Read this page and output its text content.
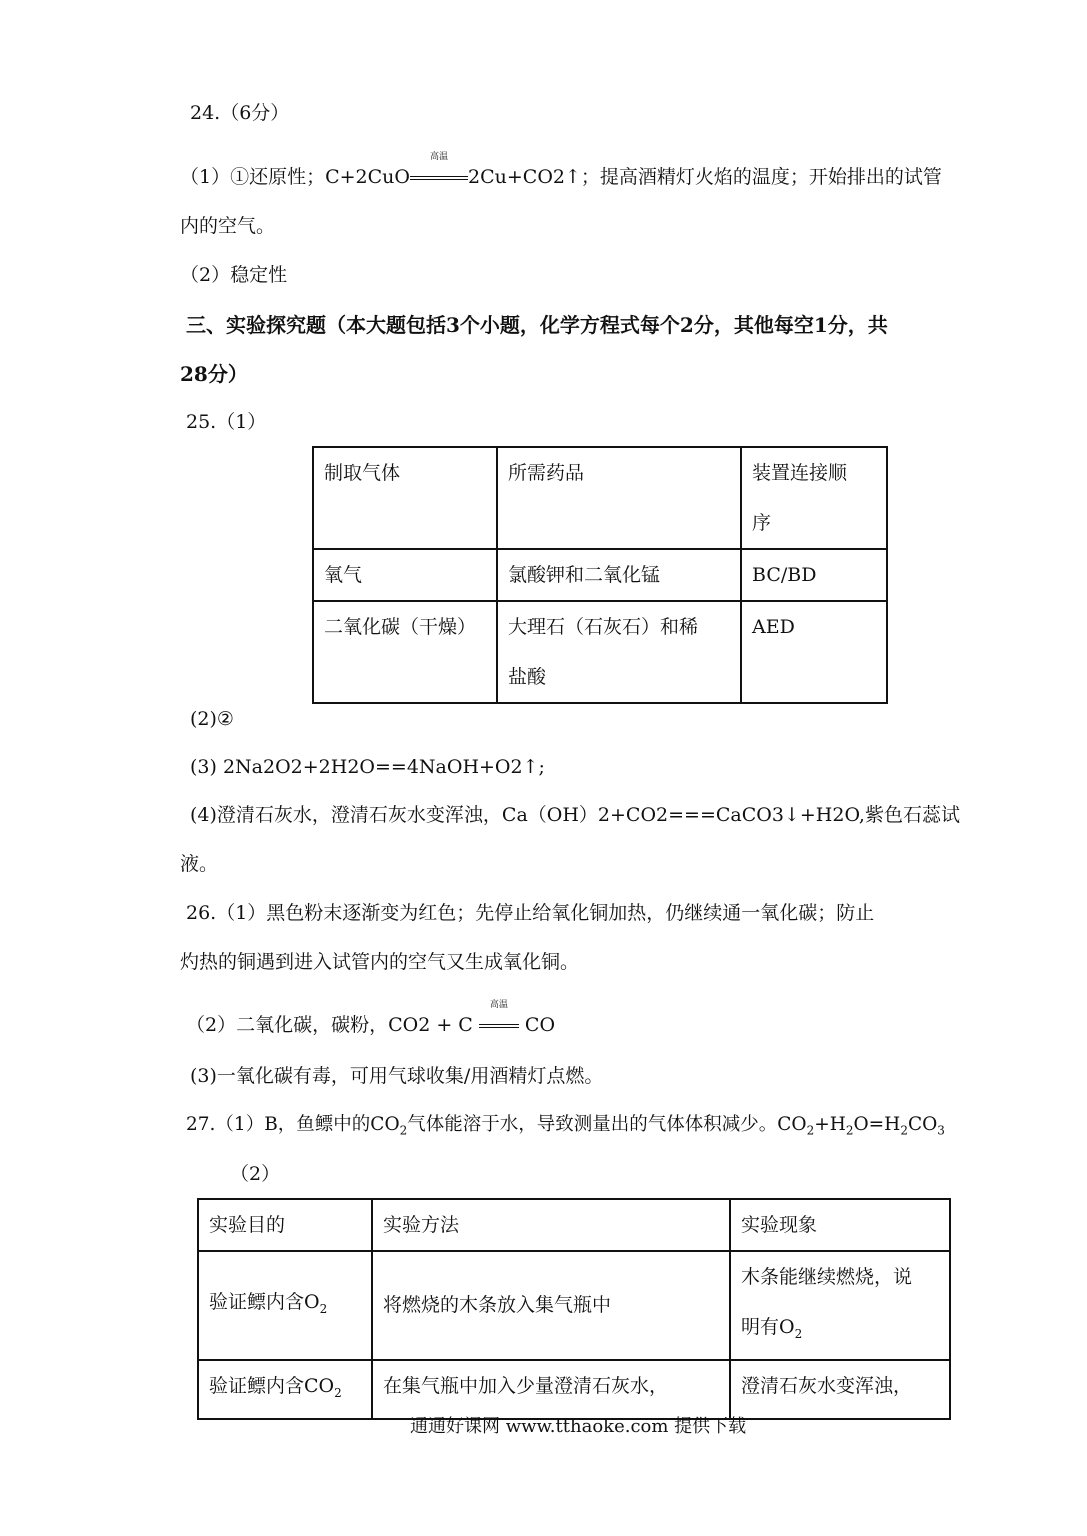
24.（6分）
（1）①还原性；C+2CuO
高温
2Cu+CO2↑；提高酒精灯火焰的温度；开始排出的试管
内的空气。
（2）稳定性
三、实验探究题（本大题包括3个小题，化学方程式每个2分，其他每空1分，共
28分）
25.（1）
制取气体	所需药品	装置连接顺
序

氧气	氯酸钾和二氧化锰	BC/BD

二氧化碳（干燥）	大理石（石灰石）和稀
盐酸	AED
(2)②
(3) 2Na2O2+2H2O==4NaOH+O2↑;
(4)澄清石灰水，澄清石灰水变浑浊，Ca（OH）2+CO2===CaCO3↓+H2O,紫色石蕊试
液。
26.（1）黑色粉末逐渐变为红色；先停止给氧化铜加热，仍继续通一氧化碳；防止
灼热的铜遇到进入试管内的空气又生成氧化铜。
（2）二氧化碳，碳粉，CO2 + C
高温
CO
(3)一氧化碳有毒，可用气球收集/用酒精灯点燃。
27.（1）B，鱼鳔中的$CO_2$气体能溶于水，导致测量出的气体体积减少。$CO_2+H_2O=H_2CO_3$
（2）
实验目的	实验方法	实验现象

验证鳔内含$O_2$	将燃烧的木条放入集气瓶中	木条能继续燃烧，说
明有$O_2$

验证鳔内含$CO_2$	在集气瓶中加入少量澄清石灰水，	澄清石灰水变浑浊，
通通好课网 www.tthaoke.com 提供下载
